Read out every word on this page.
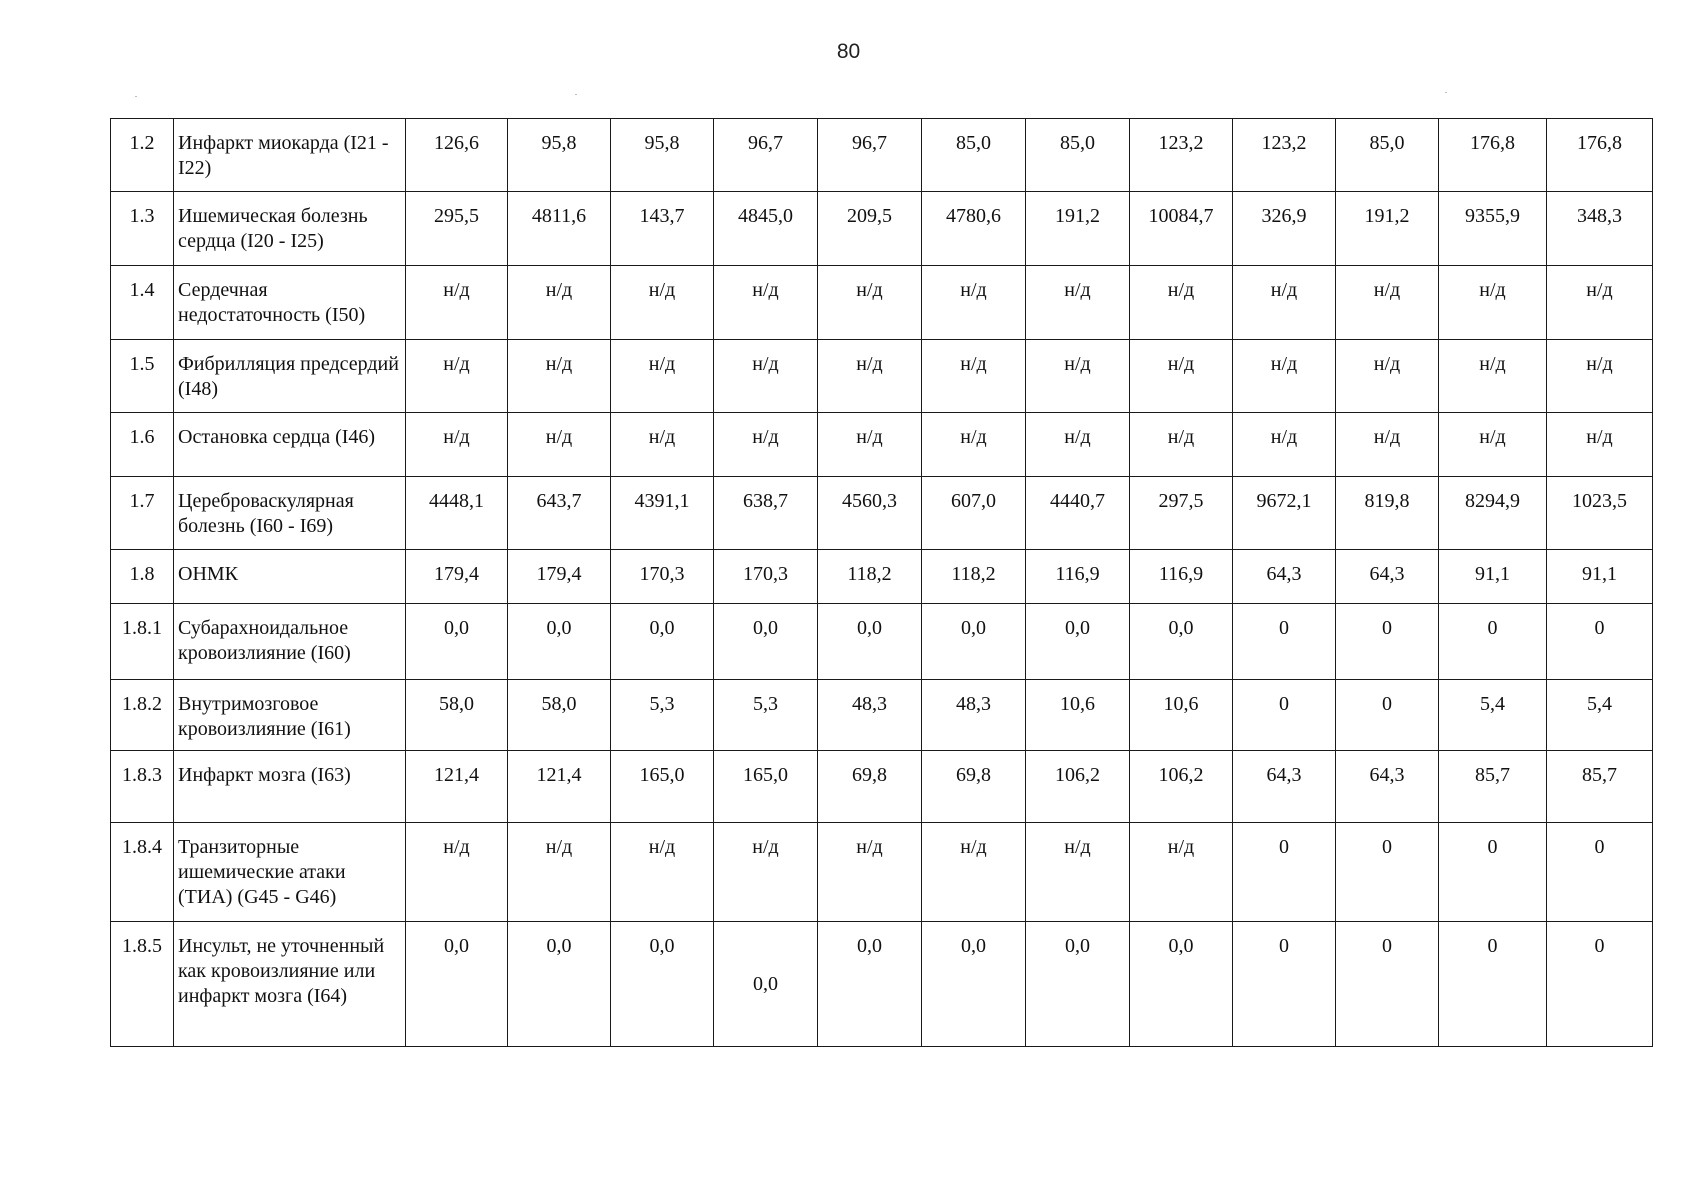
80
1.2	Инфаркт миокарда (I21 - I22)	126,6	95,8	95,8	96,7	96,7	85,0	85,0	123,2	123,2	85,0	176,8	176,8
1.3	Ишемическая болезнь сердца (I20 - I25)	295,5	4811,6	143,7	4845,0	209,5	4780,6	191,2	10084,7	326,9	191,2	9355,9	348,3
1.4	Сердечная недостаточность (I50)	н/д	н/д	н/д	н/д	н/д	н/д	н/д	н/д	н/д	н/д	н/д	н/д
1.5	Фибрилляция предсердий (I48)	н/д	н/д	н/д	н/д	н/д	н/д	н/д	н/д	н/д	н/д	н/д	н/д
1.6	Остановка сердца (I46)	н/д	н/д	н/д	н/д	н/д	н/д	н/д	н/д	н/д	н/д	н/д	н/д
1.7	Цереброваскулярная болезнь (I60 - I69)	4448,1	643,7	4391,1	638,7	4560,3	607,0	4440,7	297,5	9672,1	819,8	8294,9	1023,5
1.8	ОНМК	179,4	179,4	170,3	170,3	118,2	118,2	116,9	116,9	64,3	64,3	91,1	91,1
1.8.1	Субарахноидальное кровоизлияние (I60)	0,0	0,0	0,0	0,0	0,0	0,0	0,0	0,0	0	0	0	0
1.8.2	Внутримозговое кровоизлияние (I61)	58,0	58,0	5,3	5,3	48,3	48,3	10,6	10,6	0	0	5,4	5,4
1.8.3	Инфаркт мозга (I63)	121,4	121,4	165,0	165,0	69,8	69,8	106,2	106,2	64,3	64,3	85,7	85,7
1.8.4	Транзиторные ишемические атаки (ТИА) (G45 - G46)	н/д	н/д	н/д	н/д	н/д	н/д	н/д	н/д	0	0	0	0
1.8.5	Инсульт, не уточненный как кровоизлияние или инфаркт мозга (I64)	0,0	0,0	0,0	0,0	0,0	0,0	0,0	0,0	0	0	0	0
